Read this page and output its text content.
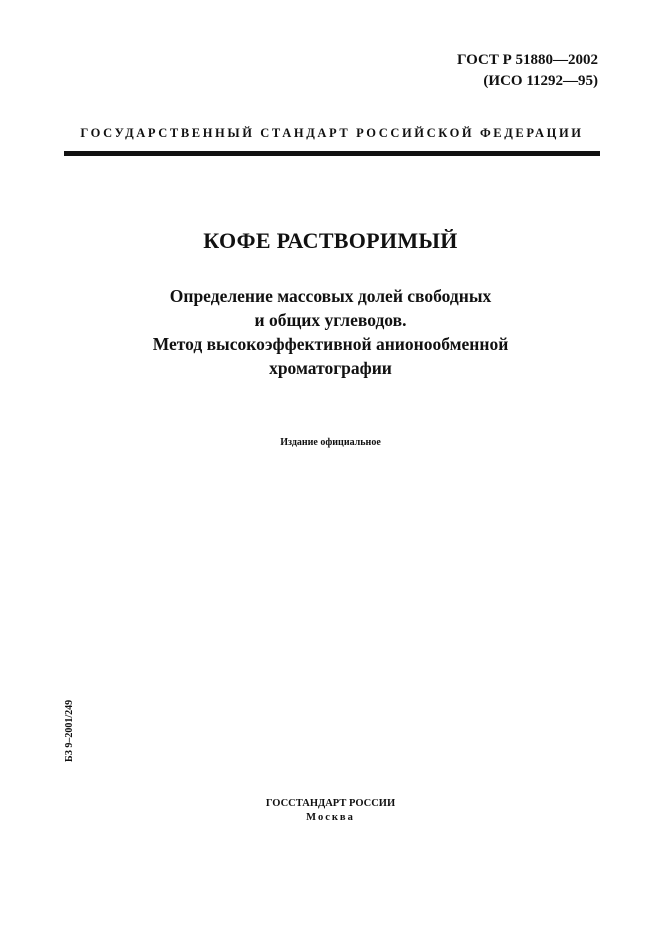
ГОСТ Р 51880—2002
(ИСО 11292—95)
ГОСУДАРСТВЕННЫЙ СТАНДАРТ РОССИЙСКОЙ ФЕДЕРАЦИИ
КОФЕ РАСТВОРИМЫЙ
Определение массовых долей свободных
и общих углеводов.
Метод высокоэффективной анионообменной
хроматографии
Издание официальное
БЗ 9–2001/249
ГОССТАНДАРТ РОССИИ
Москва
